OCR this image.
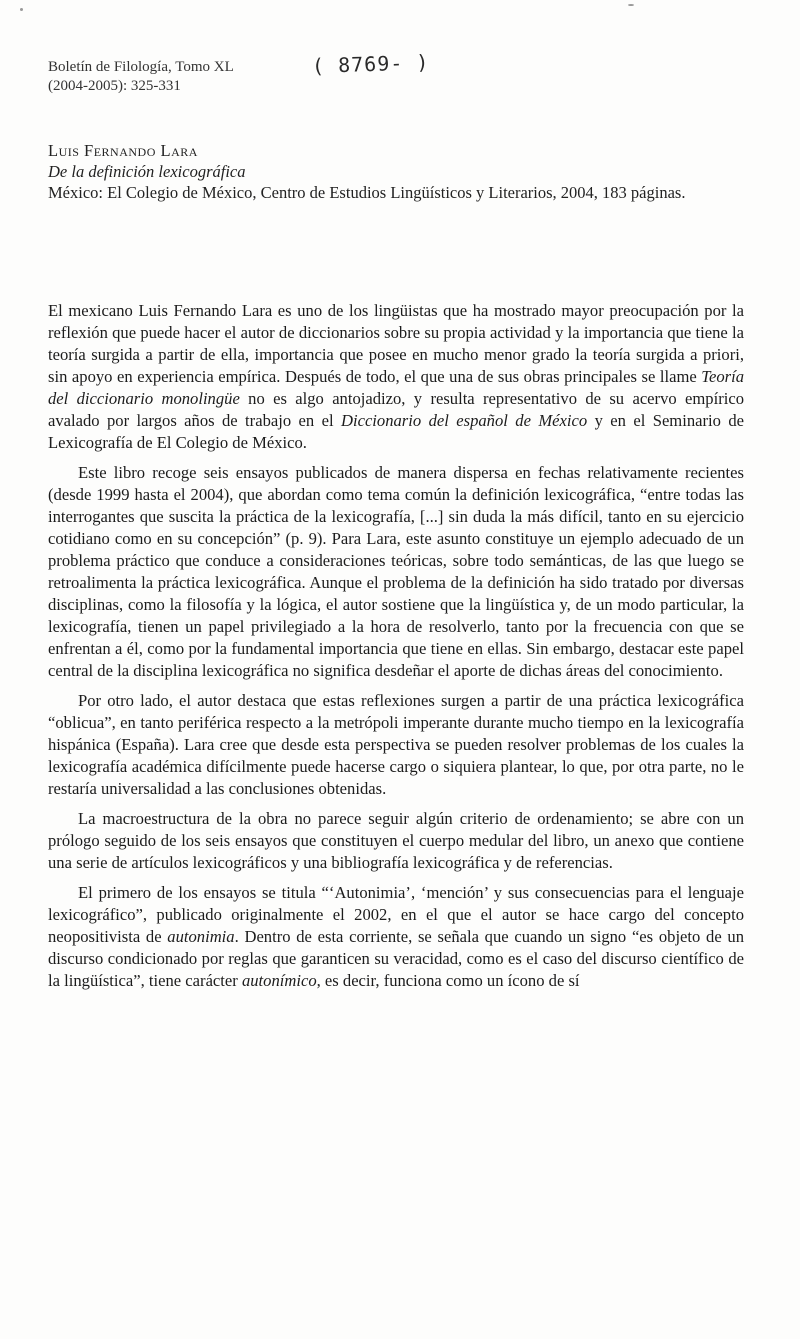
Boletín de Filología, Tomo XL
(2004-2005): 325-331
( 8769- )
Luis Fernando Lara
De la definición lexicográfica
México: El Colegio de México, Centro de Estudios Lingüísticos y Literarios, 2004, 183 páginas.

El mexicano Luis Fernando Lara es uno de los lingüistas que ha mostrado mayor preocupación por la reflexión que puede hacer el autor de diccionarios sobre su propia actividad y la importancia que tiene la teoría surgida a partir de ella, importancia que posee en mucho menor grado la teoría surgida a priori, sin apoyo en experiencia empírica. Después de todo, el que una de sus obras principales se llame Teoría del diccionario monolingüe no es algo antojadizo, y resulta representativo de su acervo empírico avalado por largos años de trabajo en el Diccionario del español de México y en el Seminario de Lexicografía de El Colegio de México.

Este libro recoge seis ensayos publicados de manera dispersa en fechas relativamente recientes (desde 1999 hasta el 2004), que abordan como tema común la definición lexicográfica, “entre todas las interrogantes que suscita la práctica de la lexicografía, [...] sin duda la más difícil, tanto en su ejercicio cotidiano como en su concepción” (p. 9). Para Lara, este asunto constituye un ejemplo adecuado de un problema práctico que conduce a consideraciones teóricas, sobre todo semánticas, de las que luego se retroalimenta la práctica lexicográfica. Aunque el problema de la definición ha sido tratado por diversas disciplinas, como la filosofía y la lógica, el autor sostiene que la lingüística y, de un modo particular, la lexicografía, tienen un papel privilegiado a la hora de resolverlo, tanto por la frecuencia con que se enfrentan a él, como por la fundamental importancia que tiene en ellas. Sin embargo, destacar este papel central de la disciplina lexicográfica no significa desdeñar el aporte de dichas áreas del conocimiento.

Por otro lado, el autor destaca que estas reflexiones surgen a partir de una práctica lexicográfica “oblicua”, en tanto periférica respecto a la metrópoli imperante durante mucho tiempo en la lexicografía hispánica (España). Lara cree que desde esta perspectiva se pueden resolver problemas de los cuales la lexicografía académica difícilmente puede hacerse cargo o siquiera plantear, lo que, por otra parte, no le restaría universalidad a las conclusiones obtenidas.

La macroestructura de la obra no parece seguir algún criterio de ordenamiento; se abre con un prólogo seguido de los seis ensayos que constituyen el cuerpo medular del libro, un anexo que contiene una serie de artículos lexicográficos y una bibliografía lexicográfica y de referencias.

El primero de los ensayos se titula “‘Autonimia’, ‘mención’ y sus consecuencias para el lenguaje lexicográfico”, publicado originalmente el 2002, en el que el autor se hace cargo del concepto neopositivista de autonimia. Dentro de esta corriente, se señala que cuando un signo “es objeto de un discurso condicionado por reglas que garanticen su veracidad, como es el caso del discurso científico de la lingüística”, tiene carácter autonímico, es decir, funciona como un ícono de sí
